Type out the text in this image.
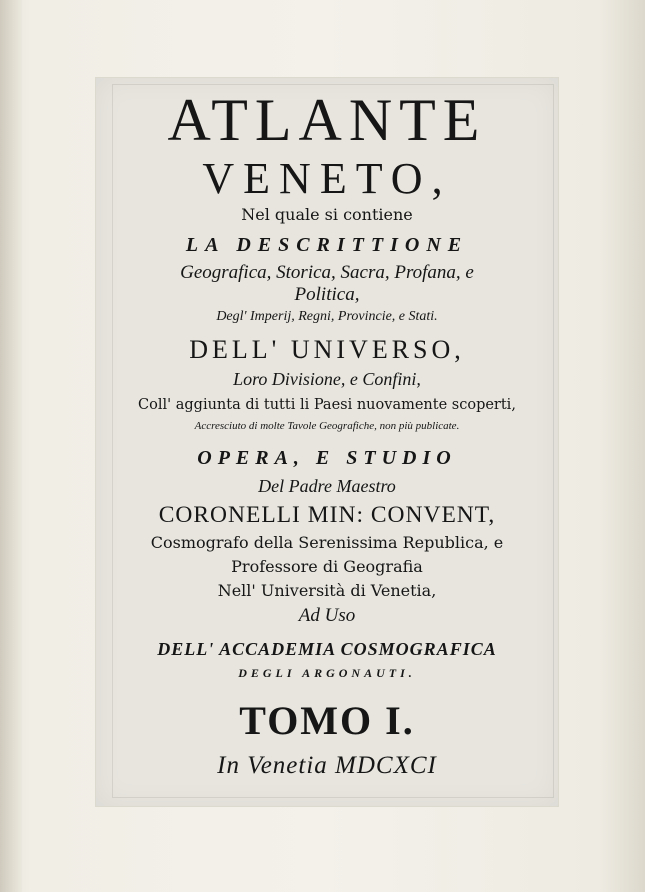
ATLANTE
VENETO,
Nel quale si contiene
LA DESCRITTIONE
Geografica, Storica, Sacra, Profana, e
Politica,
Degl' Imperij, Regni, Provincie, e Stati.
DELL' UNIVERSO,
Loro Divisione, e Confini,
Coll' aggiunta di tutti li Paesi nuovamente scoperti,
Accresciuto di molte Tavole Geografiche, non più publicate.
OPERA, E STUDIO
Del Padre Maestro
CORONELLI MIN: CONVENT,
Cosmografo della Serenissima Republica, e
Professore di Geografia
Nell' Università di Venetia,
Ad Uso
DELL' ACCADEMIA COSMOGRAFICA
DEGLI ARGONAUTI.
TOMO I.
In Venetia MDCXCI
